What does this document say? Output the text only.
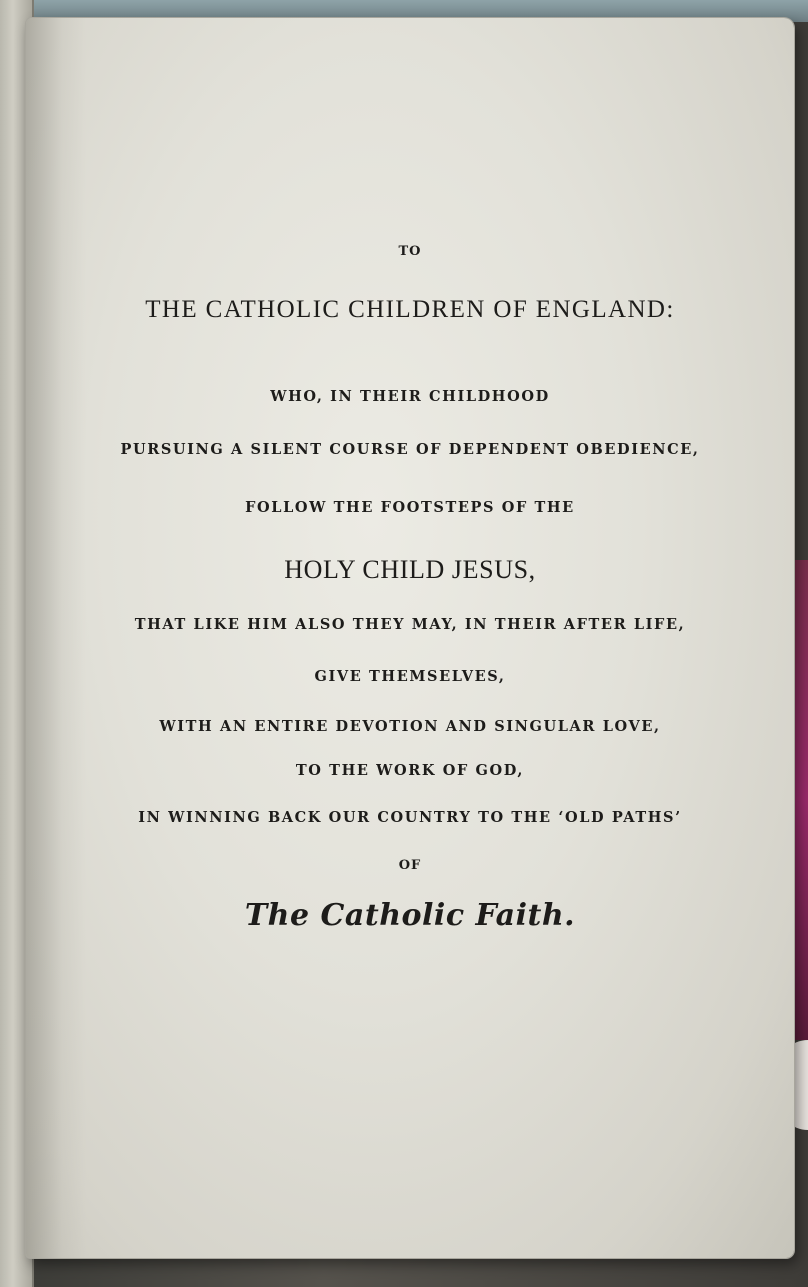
TO
THE CATHOLIC CHILDREN OF ENGLAND:
WHO, IN THEIR CHILDHOOD
PURSUING A SILENT COURSE OF DEPENDENT OBEDIENCE,
FOLLOW THE FOOTSTEPS OF THE
HOLY CHILD JESUS,
THAT LIKE HIM ALSO THEY MAY, IN THEIR AFTER LIFE,
GIVE THEMSELVES,
WITH AN ENTIRE DEVOTION AND SINGULAR LOVE,
TO THE WORK OF GOD,
IN WINNING BACK OUR COUNTRY TO THE ‘OLD PATHS’
OF
The Catholic Faith.
